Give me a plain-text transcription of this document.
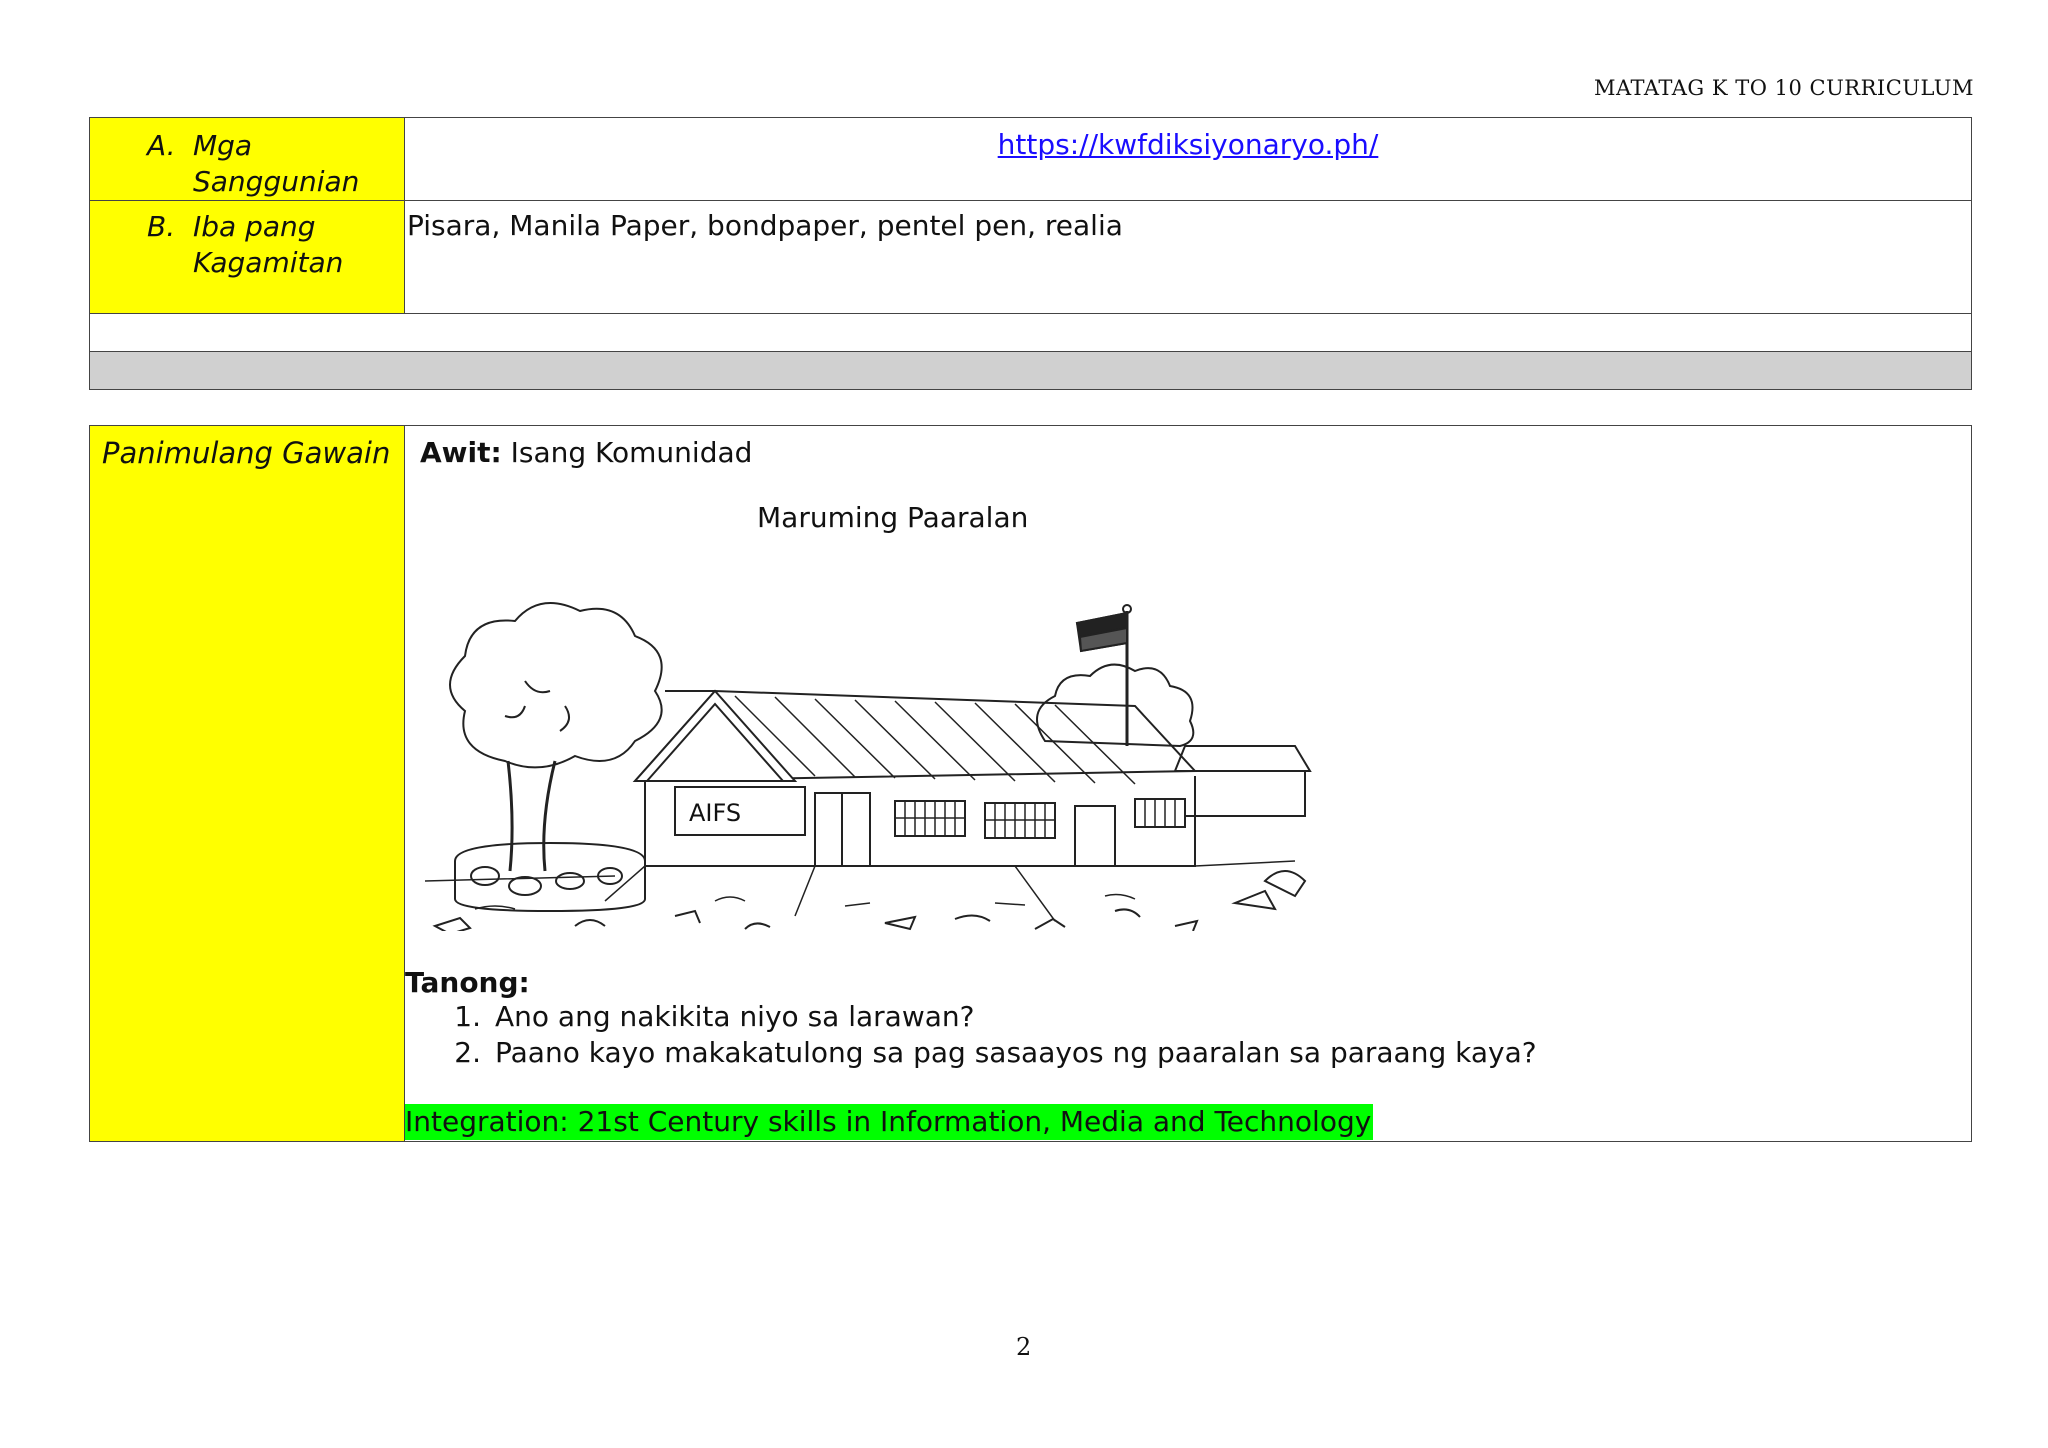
MATATAG K TO 10 CURRICULUM
A. Mga Sanggunian	https://kwfdiksiyonaryo.ph/

B. Iba pang Kagamitan	Pisara, Manila Paper, bondpaper, pentel pen, realia

Panimulang Gawain	Awit: Isang Komunidad
Maruming Paaralan
AIFS
Tanong:
1. Ano ang nakikita niyo sa larawan?
2. Paano kayo makakatulong sa pag sasaayos ng paaralan sa paraang kaya?
Integration: 21st Century skills in Information, Media and Technology
2
